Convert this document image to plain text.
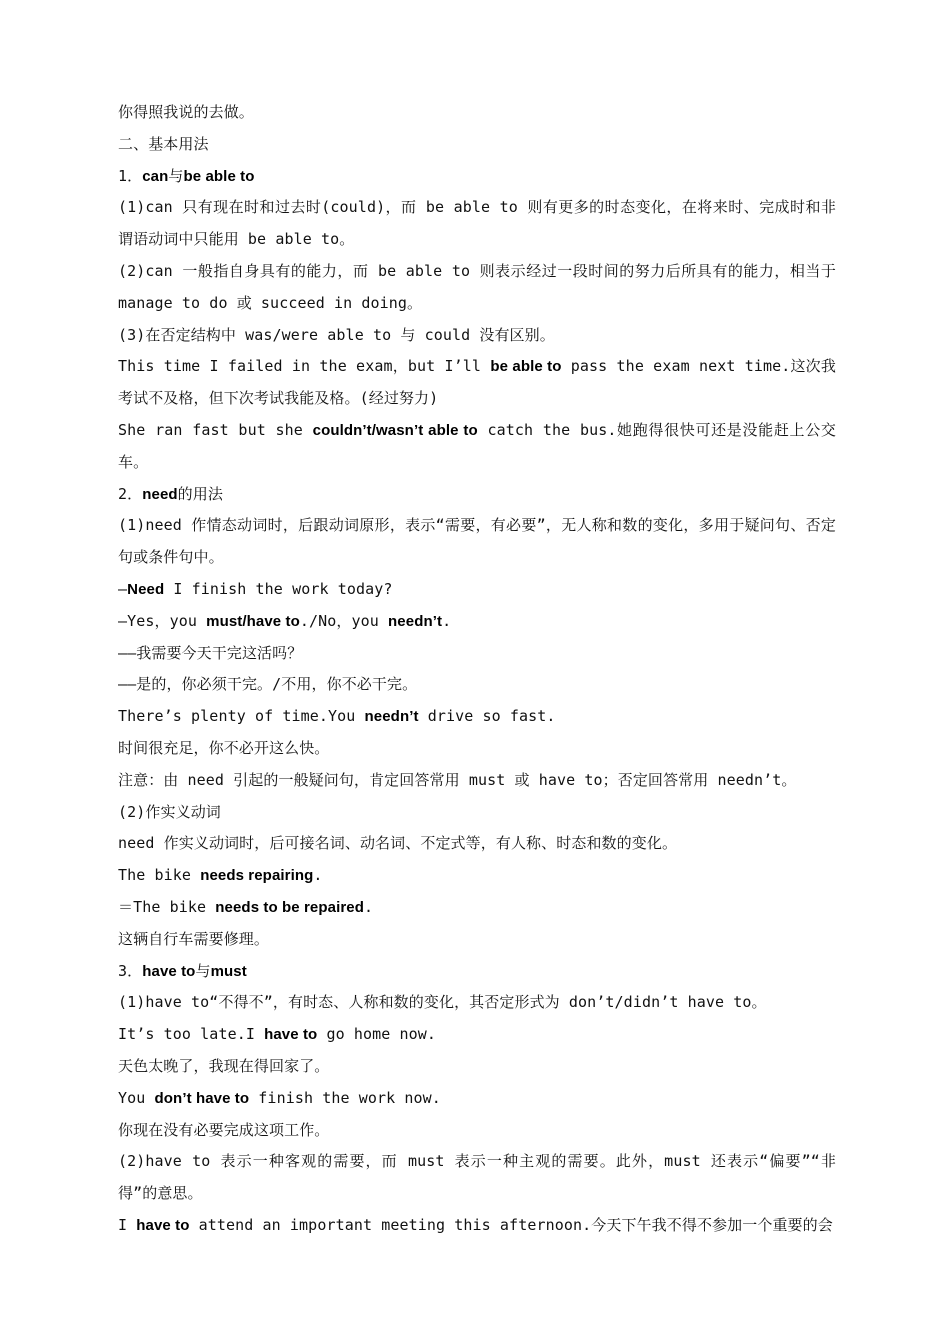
你得照我说的去做。
二、基本用法
1．can与be able to
(1)can 只有现在时和过去时(could)，而 be able to 则有更多的时态变化，在将来时、完成时和非谓语动词中只能用 be able to。
(2)can 一般指自身具有的能力，而 be able to 则表示经过一段时间的努力后所具有的能力，相当于 manage to do 或 succeed in doing。
(3)在否定结构中 was/were able to 与 could 没有区别。
This time I failed in the exam，but I’ll be able to pass the exam next time.这次我考试不及格，但下次考试我能及格。(经过努力)
She ran fast but she couldn’t/wasn’t able to catch the bus.她跑得很快可还是没能赶上公交车。
2．need的用法
(1)need 作情态动词时，后跟动词原形，表示“需要，有必要”，无人称和数的变化，多用于疑问句、否定句或条件句中。
—Need I finish the work today?
—Yes，you must/have to./No，you needn’t.
——我需要今天干完这活吗？
——是的，你必须干完。/不用，你不必干完。
There’s plenty of time.You needn’t drive so fast.
时间很充足，你不必开这么快。
注意：由 need 引起的一般疑问句，肯定回答常用 must 或 have to；否定回答常用 needn’t。
(2)作实义动词
need 作实义动词时，后可接名词、动名词、不定式等，有人称、时态和数的变化。
The bike needs repairing.
＝The bike needs to be repaired.
这辆自行车需要修理。
3．have to与must
(1)have to“不得不”，有时态、人称和数的变化，其否定形式为 don’t/didn’t have to。
It’s too late.I have to go home now.
天色太晚了，我现在得回家了。
You don’t have to finish the work now.
你现在没有必要完成这项工作。
(2)have to 表示一种客观的需要，而 must 表示一种主观的需要。此外，must 还表示“偏要”“非得”的意思。
I have to attend an important meeting this afternoon.今天下午我不得不参加一个重要的会
